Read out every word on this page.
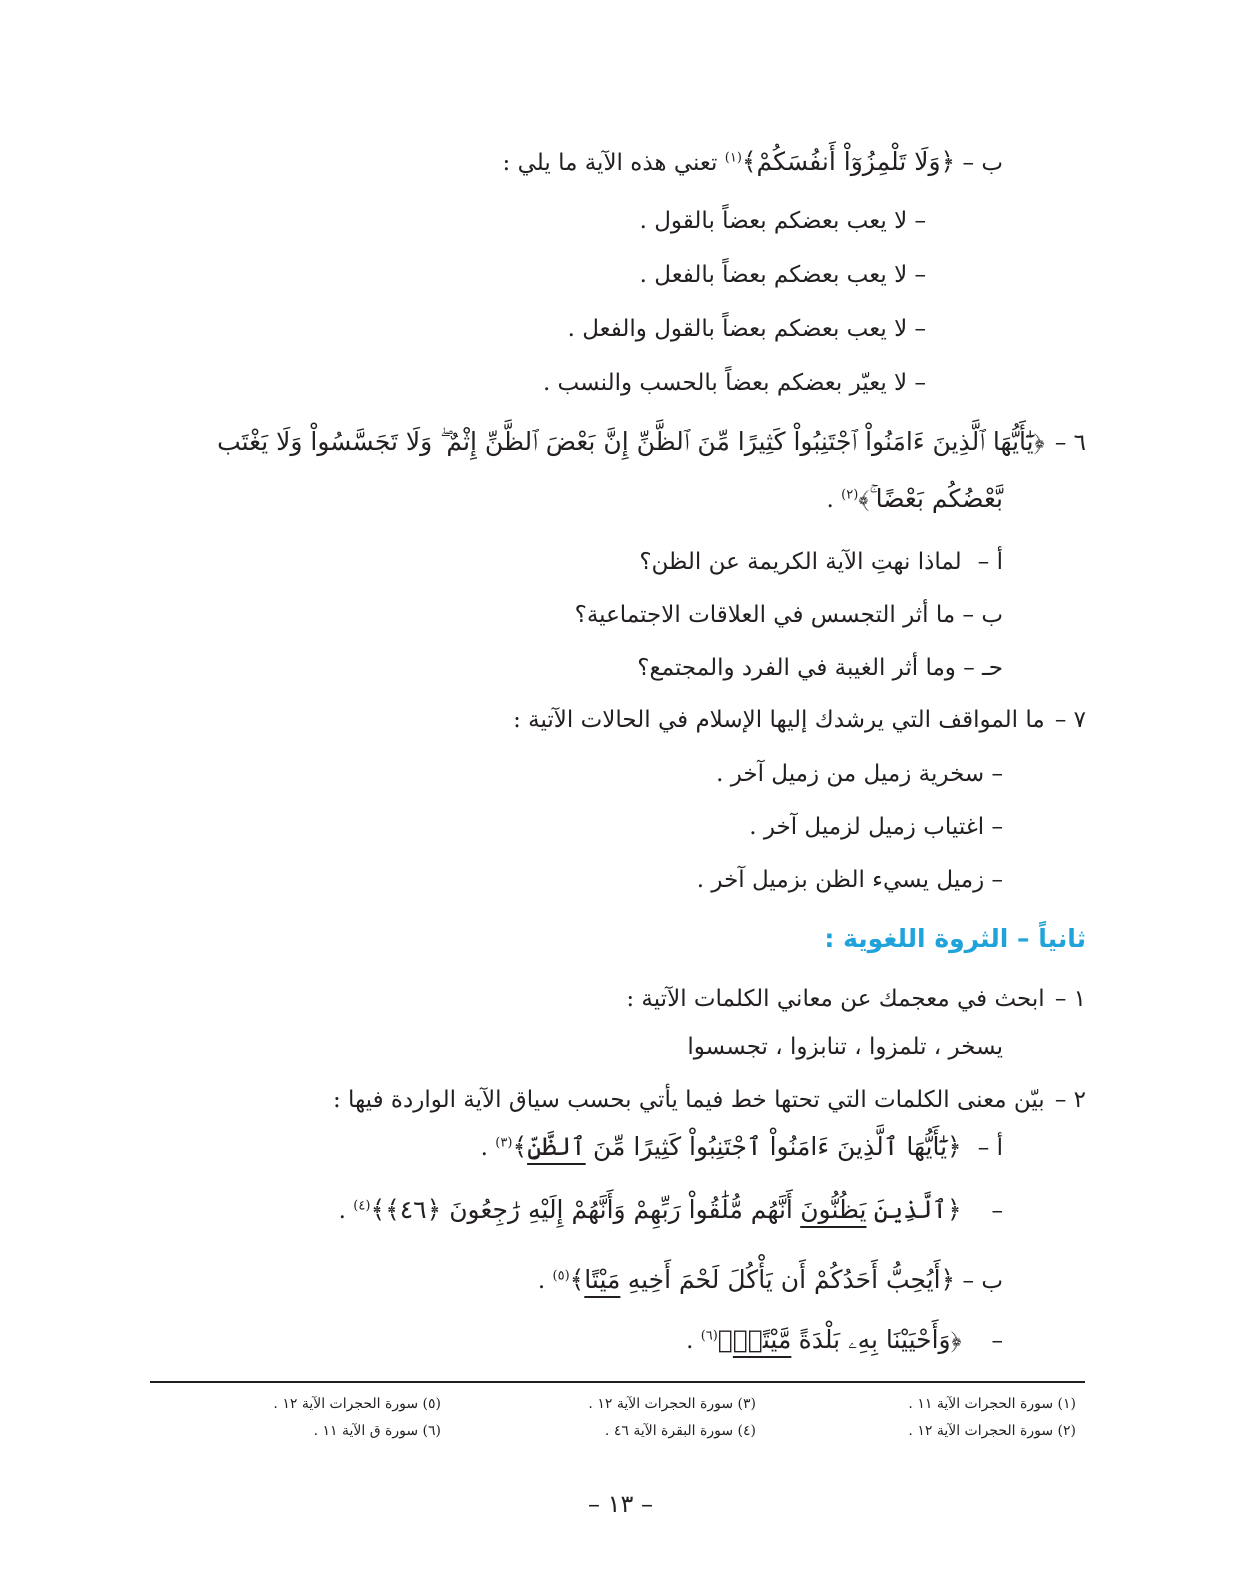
ب – ﴿وَلَا تَلْمِزُوٓاْ أَنفُسَكُمْ﴾$^{(١)}$ تعني هذه الآية ما يلي :
– لا يعب بعضكم بعضاً بالقول .
– لا يعب بعضكم بعضاً بالفعل .
– لا يعب بعضكم بعضاً بالقول والفعل .
– لا يعيّر بعضكم بعضاً بالحسب والنسب .
٦ – ﴿يَٰٓأَيُّهَا ٱلَّذِينَ ءَامَنُواْ ٱجْتَنِبُواْ كَثِيرًا مِّنَ ٱلظَّنِّ إِنَّ بَعْضَ ٱلظَّنِّ إِثْمٌ ۖ وَلَا تَجَسَّسُواْ وَلَا يَغْتَب
بَّعْضُكُم بَعْضًا ۚ﴾$^{(٢)}$ .
أ – لماذا نهتِ الآية الكريمة عن الظن؟
ب – ما أثر التجسس في العلاقات الاجتماعية؟
حـ – وما أثر الغيبة في الفرد والمجتمع؟
٧ – ما المواقف التي يرشدك إليها الإسلام في الحالات الآتية :
– سخرية زميل من زميل آخر .
– اغتياب زميل لزميل آخر .
– زميل يسيء الظن بزميل آخر .
ثانياً – الثروة اللغوية :
١ – ابحث في معجمك عن معاني الكلمات الآتية :
يسخر ، تلمزوا ، تنابزوا ، تجسسوا
٢ – بيّن معنى الكلمات التي تحتها خط فيما يأتي بحسب سياق الآية الواردة فيها :
أ – ﴿يَٰٓأَيُّهَا ٱلَّذِينَ ءَامَنُواْ ٱجْتَنِبُواْ كَثِيرًا مِّنَ ٱلظَّنِّ﴾$^{(٣)}$ .
– ﴿ٱلَّذِينَ يَظُنُّونَ أَنَّهُم مُّلَٰقُواْ رَبِّهِمْ وَأَنَّهُمْ إِلَيْهِ رَٰجِعُونَ ﴿٤٦﴾﴾$^{(٤)}$ .
ب – ﴿أَيُحِبُّ أَحَدُكُمْ أَن يَأْكُلَ لَحْمَ أَخِيهِ مَيْتًا﴾$^{(٥)}$ .
– ﴿وَأَحْيَيْنَا بِهِۦ بَلْدَةً مَّيْتًاۚ﴾$^{(٦)}$ .
(١) سورة الحجرات الآية ١١ .
(٢) سورة الحجرات الآية ١٢ .
(٣) سورة الحجرات الآية ١٢ .
(٤) سورة البقرة الآية ٤٦ .
(٥) سورة الحجرات الآية ١٢ .
(٦) سورة ق الآية ١١ .
– ١٣ –
